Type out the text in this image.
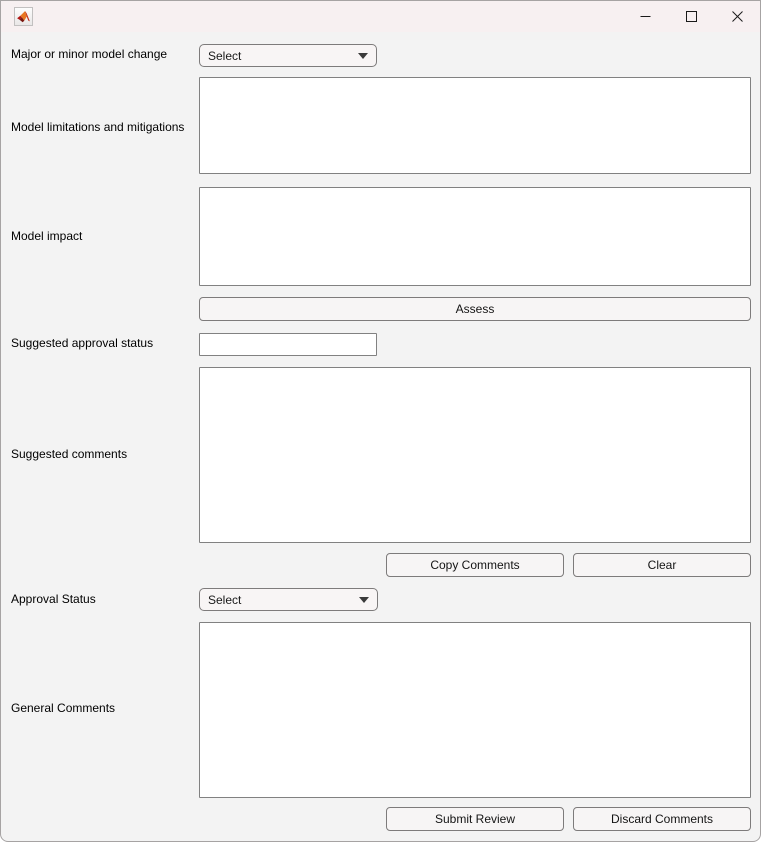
Major or minor model change	Select
Model limitations and mitigations
Model impact
Assess
Suggested approval status
Suggested comments
Copy Comments	Clear
Approval Status	Select
General Comments
Submit Review	Discard Comments
